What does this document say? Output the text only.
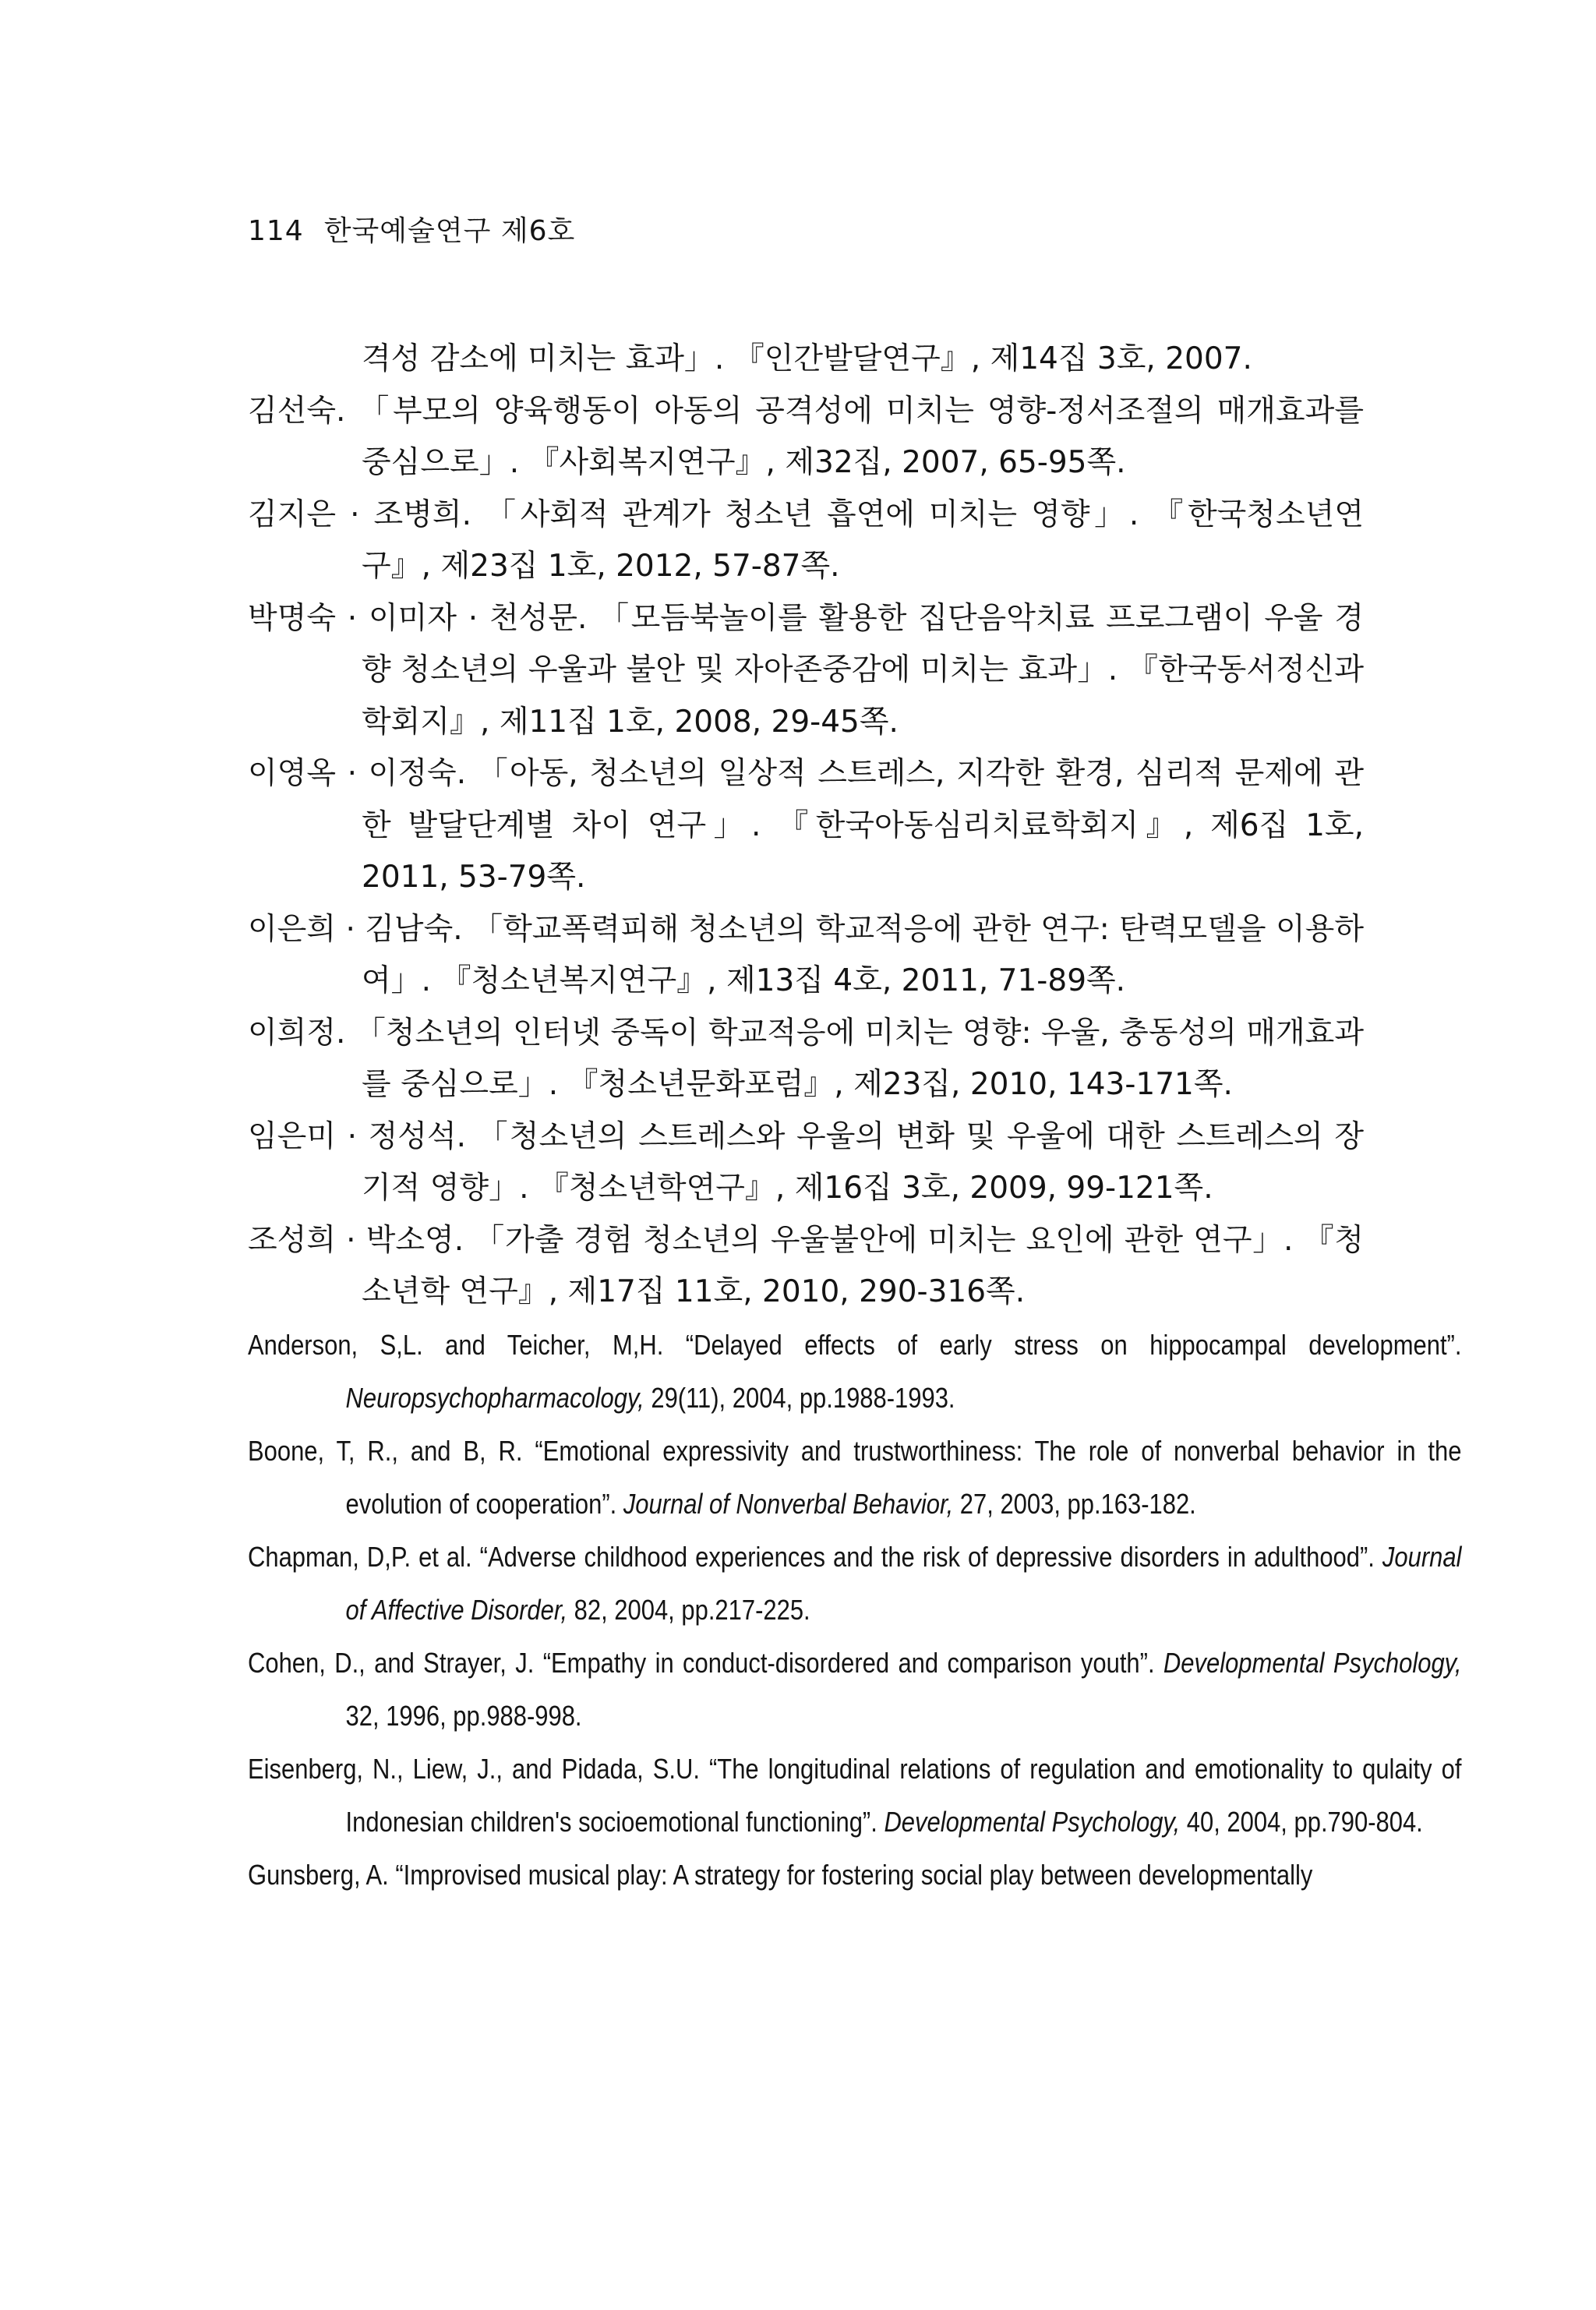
114 한국예술연구 제6호

격성 감소에 미치는 효과」. 『인간발달연구』, 제14집 3호, 2007.

김선숙. 「부모의 양육행동이 아동의 공격성에 미치는 영향-정서조절의 매개효과를 중심으로」. 『사회복지연구』, 제32집, 2007, 65-95쪽.

김지은 · 조병희. 「사회적 관계가 청소년 흡연에 미치는 영향」. 『한국청소년연구』, 제23집 1호, 2012, 57-87쪽.

박명숙 · 이미자 · 천성문. 「모듬북놀이를 활용한 집단음악치료 프로그램이 우울 경향 청소년의 우울과 불안 및 자아존중감에 미치는 효과」. 『한국동서정신과 학회지』, 제11집 1호, 2008, 29-45쪽.

이영옥 · 이정숙. 「아동, 청소년의 일상적 스트레스, 지각한 환경, 심리적 문제에 관한 발달단계별 차이 연구」. 『한국아동심리치료학회지』, 제6집 1호, 2011, 53-79쪽.

이은희 · 김남숙. 「학교폭력피해 청소년의 학교적응에 관한 연구: 탄력모델을 이용하여」. 『청소년복지연구』, 제13집 4호, 2011, 71-89쪽.

이희정. 「청소년의 인터넷 중독이 학교적응에 미치는 영향: 우울, 충동성의 매개효과를 중심으로」. 『청소년문화포럼』, 제23집, 2010, 143-171쪽.

임은미 · 정성석. 「청소년의 스트레스와 우울의 변화 및 우울에 대한 스트레스의 장기적 영향」. 『청소년학연구』, 제16집 3호, 2009, 99-121쪽.

조성희 · 박소영. 「가출 경험 청소년의 우울불안에 미치는 요인에 관한 연구」. 『청소년학 연구』, 제17집 11호, 2010, 290-316쪽.

Anderson, S,L. and Teicher, M,H. “Delayed effects of early stress on hippocampal development”. Neuropsychopharmacology, 29(11), 2004, pp.1988-1993.

Boone, T, R., and B, R. “Emotional expressivity and trustworthiness: The role of nonverbal behavior in the evolution of cooperation”. Journal of Nonverbal Behavior, 27, 2003, pp.163-182.

Chapman, D,P. et al. “Adverse childhood experiences and the risk of depressive disorders in adulthood”. Journal of Affective Disorder, 82, 2004, pp.217-225.

Cohen, D., and Strayer, J. “Empathy in conduct-disordered and comparison youth”. Developmental Psychology, 32, 1996, pp.988-998.

Eisenberg, N., Liew, J., and Pidada, S.U. “The longitudinal relations of regulation and emotionality to qulaity of Indonesian children's socioemotional functioning”. Developmental Psychology, 40, 2004, pp.790-804.

Gunsberg, A. “Improvised musical play: A strategy for fostering social play between developmentally
